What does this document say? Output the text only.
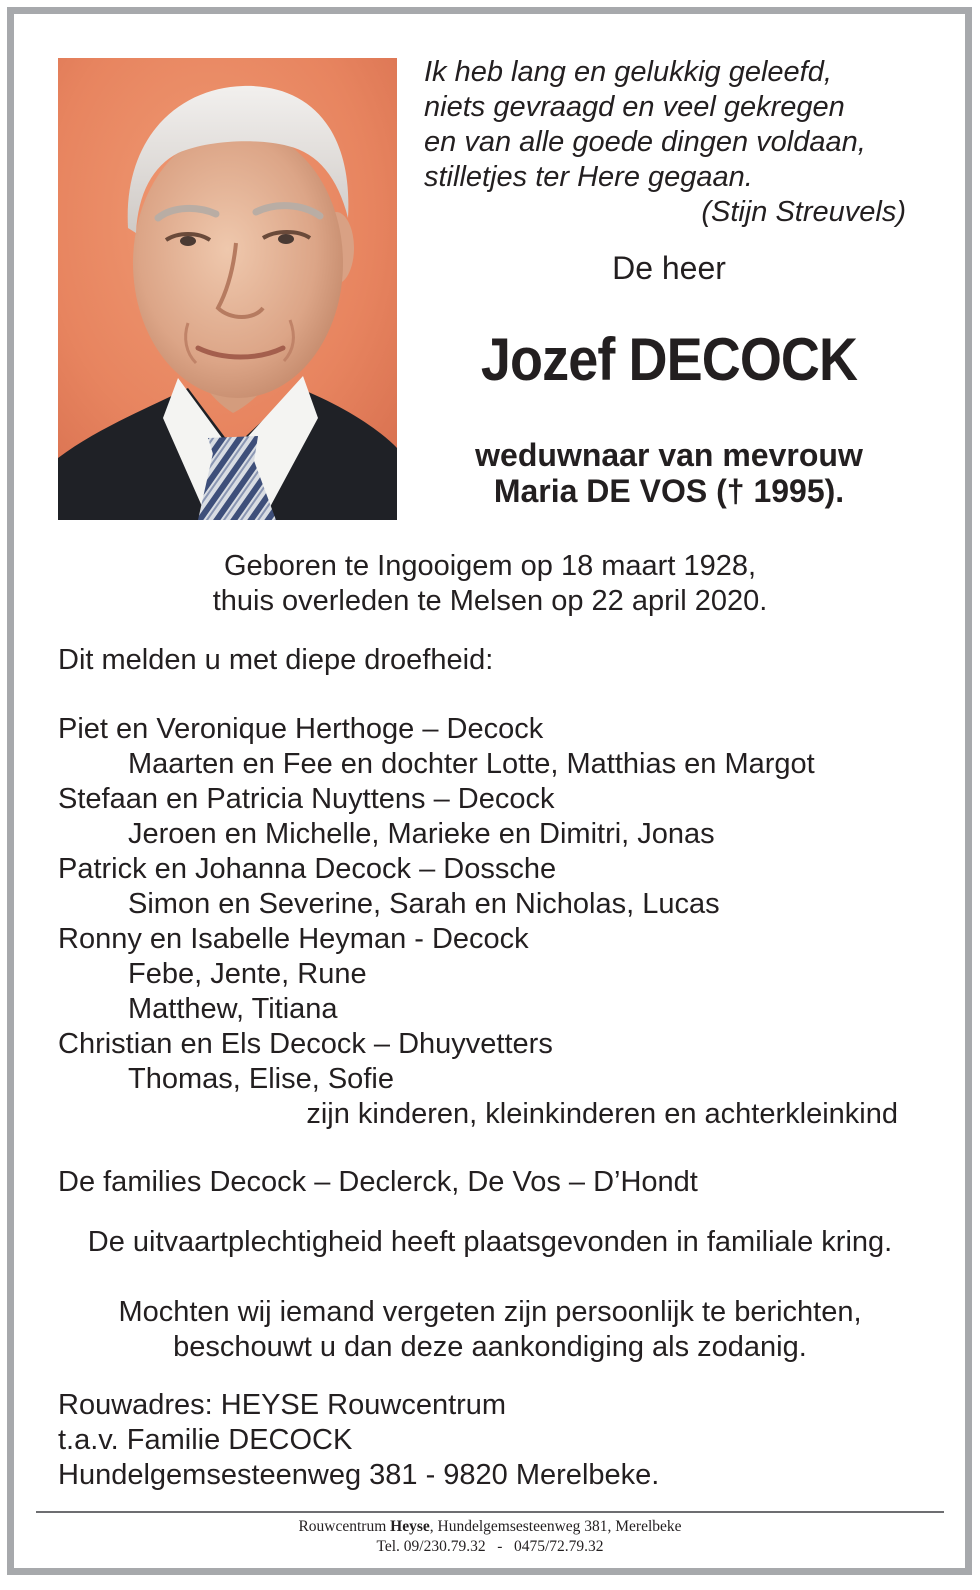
Ik heb lang en gelukkig geleefd,
niets gevraagd en veel gekregen
en van alle goede dingen voldaan,
stilletjes ter Here gegaan.
(Stijn Streuvels)
De heer
Jozef DECOCK
weduwnaar van mevrouw
Maria DE VOS († 1995).
Geboren te Ingooigem op 18 maart 1928,
thuis overleden te Melsen op 22 april 2020.
Dit melden u met diepe droefheid:
Piet en Veronique Herthoge – Decock
Maarten en Fee en dochter Lotte, Matthias en Margot
Stefaan en Patricia Nuyttens – Decock
Jeroen en Michelle, Marieke en Dimitri, Jonas
Patrick en Johanna Decock – Dossche
Simon en Severine, Sarah en Nicholas, Lucas
Ronny en Isabelle Heyman - Decock
Febe, Jente, Rune
Matthew, Titiana
Christian en Els Decock – Dhuyvetters
Thomas, Elise, Sofie
zijn kinderen, kleinkinderen en achterkleinkind
De families Decock – Declerck, De Vos – D’Hondt
De uitvaartplechtigheid heeft plaatsgevonden in familiale kring.
Mochten wij iemand vergeten zijn persoonlijk te berichten,
beschouwt u dan deze aankondiging als zodanig.
Rouwadres: HEYSE Rouwcentrum
t.a.v. Familie DECOCK
Hundelgemsesteenweg 381 - 9820 Merelbeke.
Rouwcentrum Heyse, Hundelgemsesteenweg 381, Merelbeke
Tel. 09/230.79.32   -   0475/72.79.32
